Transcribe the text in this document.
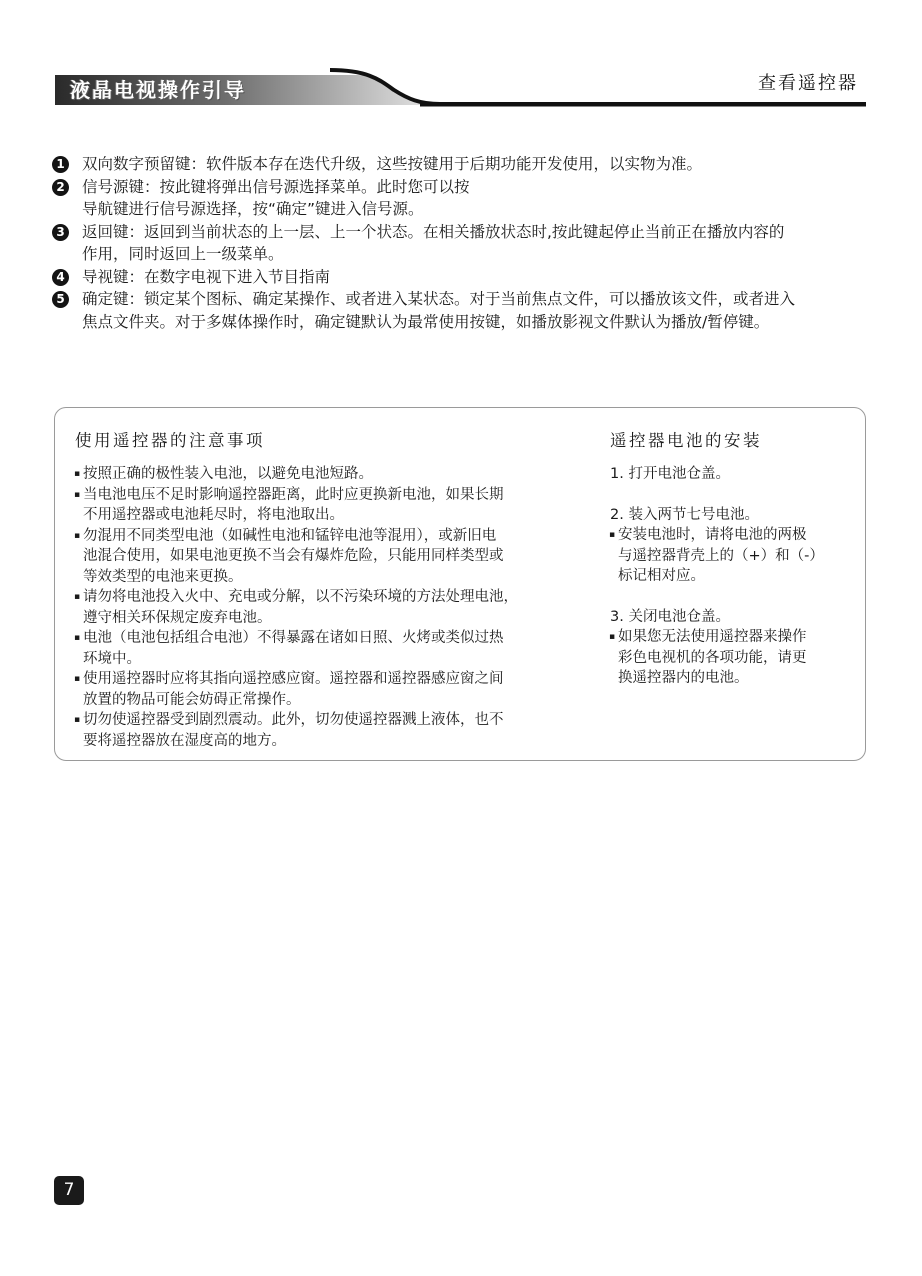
液晶电视操作引导	查看遥控器
1 双向数字预留键：软件版本存在迭代升级，这些按键用于后期功能开发使用，以实物为准。
2 信号源键：按此键将弹出信号源选择菜单。此时您可以按
导航键进行信号源选择，按“确定”键进入信号源。
3 返回键：返回到当前状态的上一层、上一个状态。在相关播放状态时,按此键起停止当前正在播放内容的
作用，同时返回上一级菜单。
4 导视键：在数字电视下进入节目指南
5 确定键：锁定某个图标、确定某操作、或者进入某状态。对于当前焦点文件，可以播放该文件，或者进入
焦点文件夹。对于多媒体操作时，确定键默认为最常使用按键，如播放影视文件默认为播放/暂停键。
使用遥控器的注意事项
▪ 按照正确的极性装入电池，以避免电池短路。
▪ 当电池电压不足时影响遥控器距离，此时应更换新电池，如果长期
不用遥控器或电池耗尽时，将电池取出。
▪ 勿混用不同类型电池（如碱性电池和锰锌电池等混用），或新旧电
池混合使用，如果电池更换不当会有爆炸危险，只能用同样类型或
等效类型的电池来更换。
▪ 请勿将电池投入火中、充电或分解，以不污染环境的方法处理电池，
遵守相关环保规定废弃电池。
▪ 电池（电池包括组合电池）不得暴露在诸如日照、火烤或类似过热
环境中。
▪ 使用遥控器时应将其指向遥控感应窗。遥控器和遥控器感应窗之间
放置的物品可能会妨碍正常操作。
▪ 切勿使遥控器受到剧烈震动。此外，切勿使遥控器溅上液体，也不
要将遥控器放在湿度高的地方。
遥控器电池的安装
1. 打开电池仓盖。
2. 装入两节七号电池。
▪ 安装电池时，请将电池的两极
与遥控器背壳上的（+）和（-）
标记相对应。
3. 关闭电池仓盖。
▪ 如果您无法使用遥控器来操作
彩色电视机的各项功能，请更
换遥控器内的电池。
7
